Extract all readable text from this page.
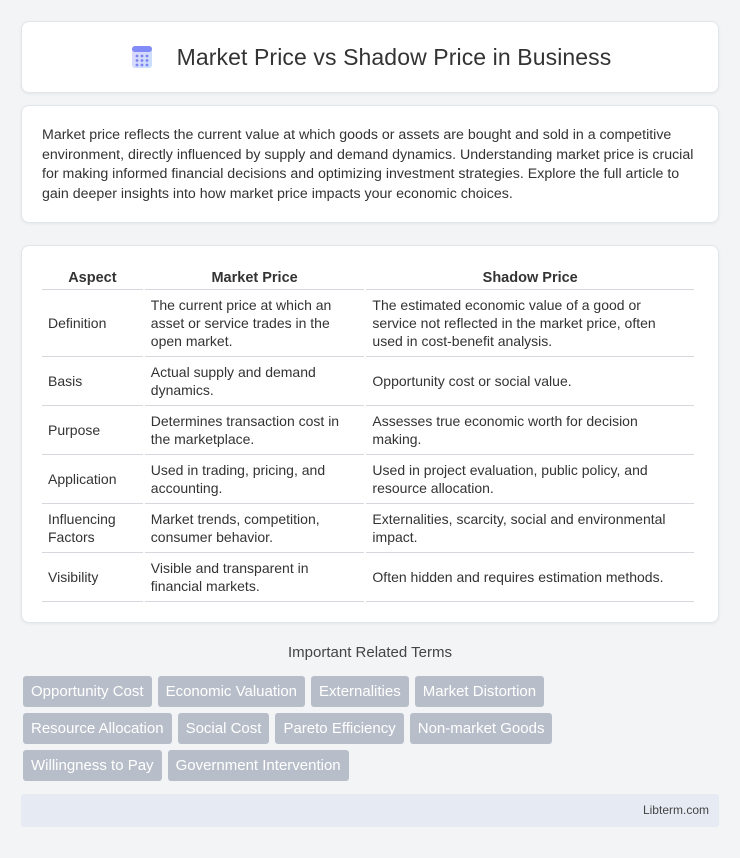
Market Price vs Shadow Price in Business

Market price reflects the current value at which goods or assets are bought and sold in a competitive environment, directly influenced by supply and demand dynamics. Understanding market price is crucial for making informed financial decisions and optimizing investment strategies. Explore the full article to gain deeper insights into how market price impacts your economic choices.

Aspect	Market Price	Shadow Price
Definition	The current price at which an asset or service trades in the open market.	The estimated economic value of a good or service not reflected in the market price, often used in cost-benefit analysis.
Basis	Actual supply and demand dynamics.	Opportunity cost or social value.
Purpose	Determines transaction cost in the marketplace.	Assesses true economic worth for decision making.
Application	Used in trading, pricing, and accounting.	Used in project evaluation, public policy, and resource allocation.
Influencing Factors	Market trends, competition, consumer behavior.	Externalities, scarcity, social and environmental impact.
Visibility	Visible and transparent in financial markets.	Often hidden and requires estimation methods.
Important Related Terms
Opportunity Cost	Economic Valuation	Externalities	Market Distortion
Resource Allocation	Social Cost	Pareto Efficiency	Non-market Goods
Willingness to Pay	Government Intervention
Libterm.com
